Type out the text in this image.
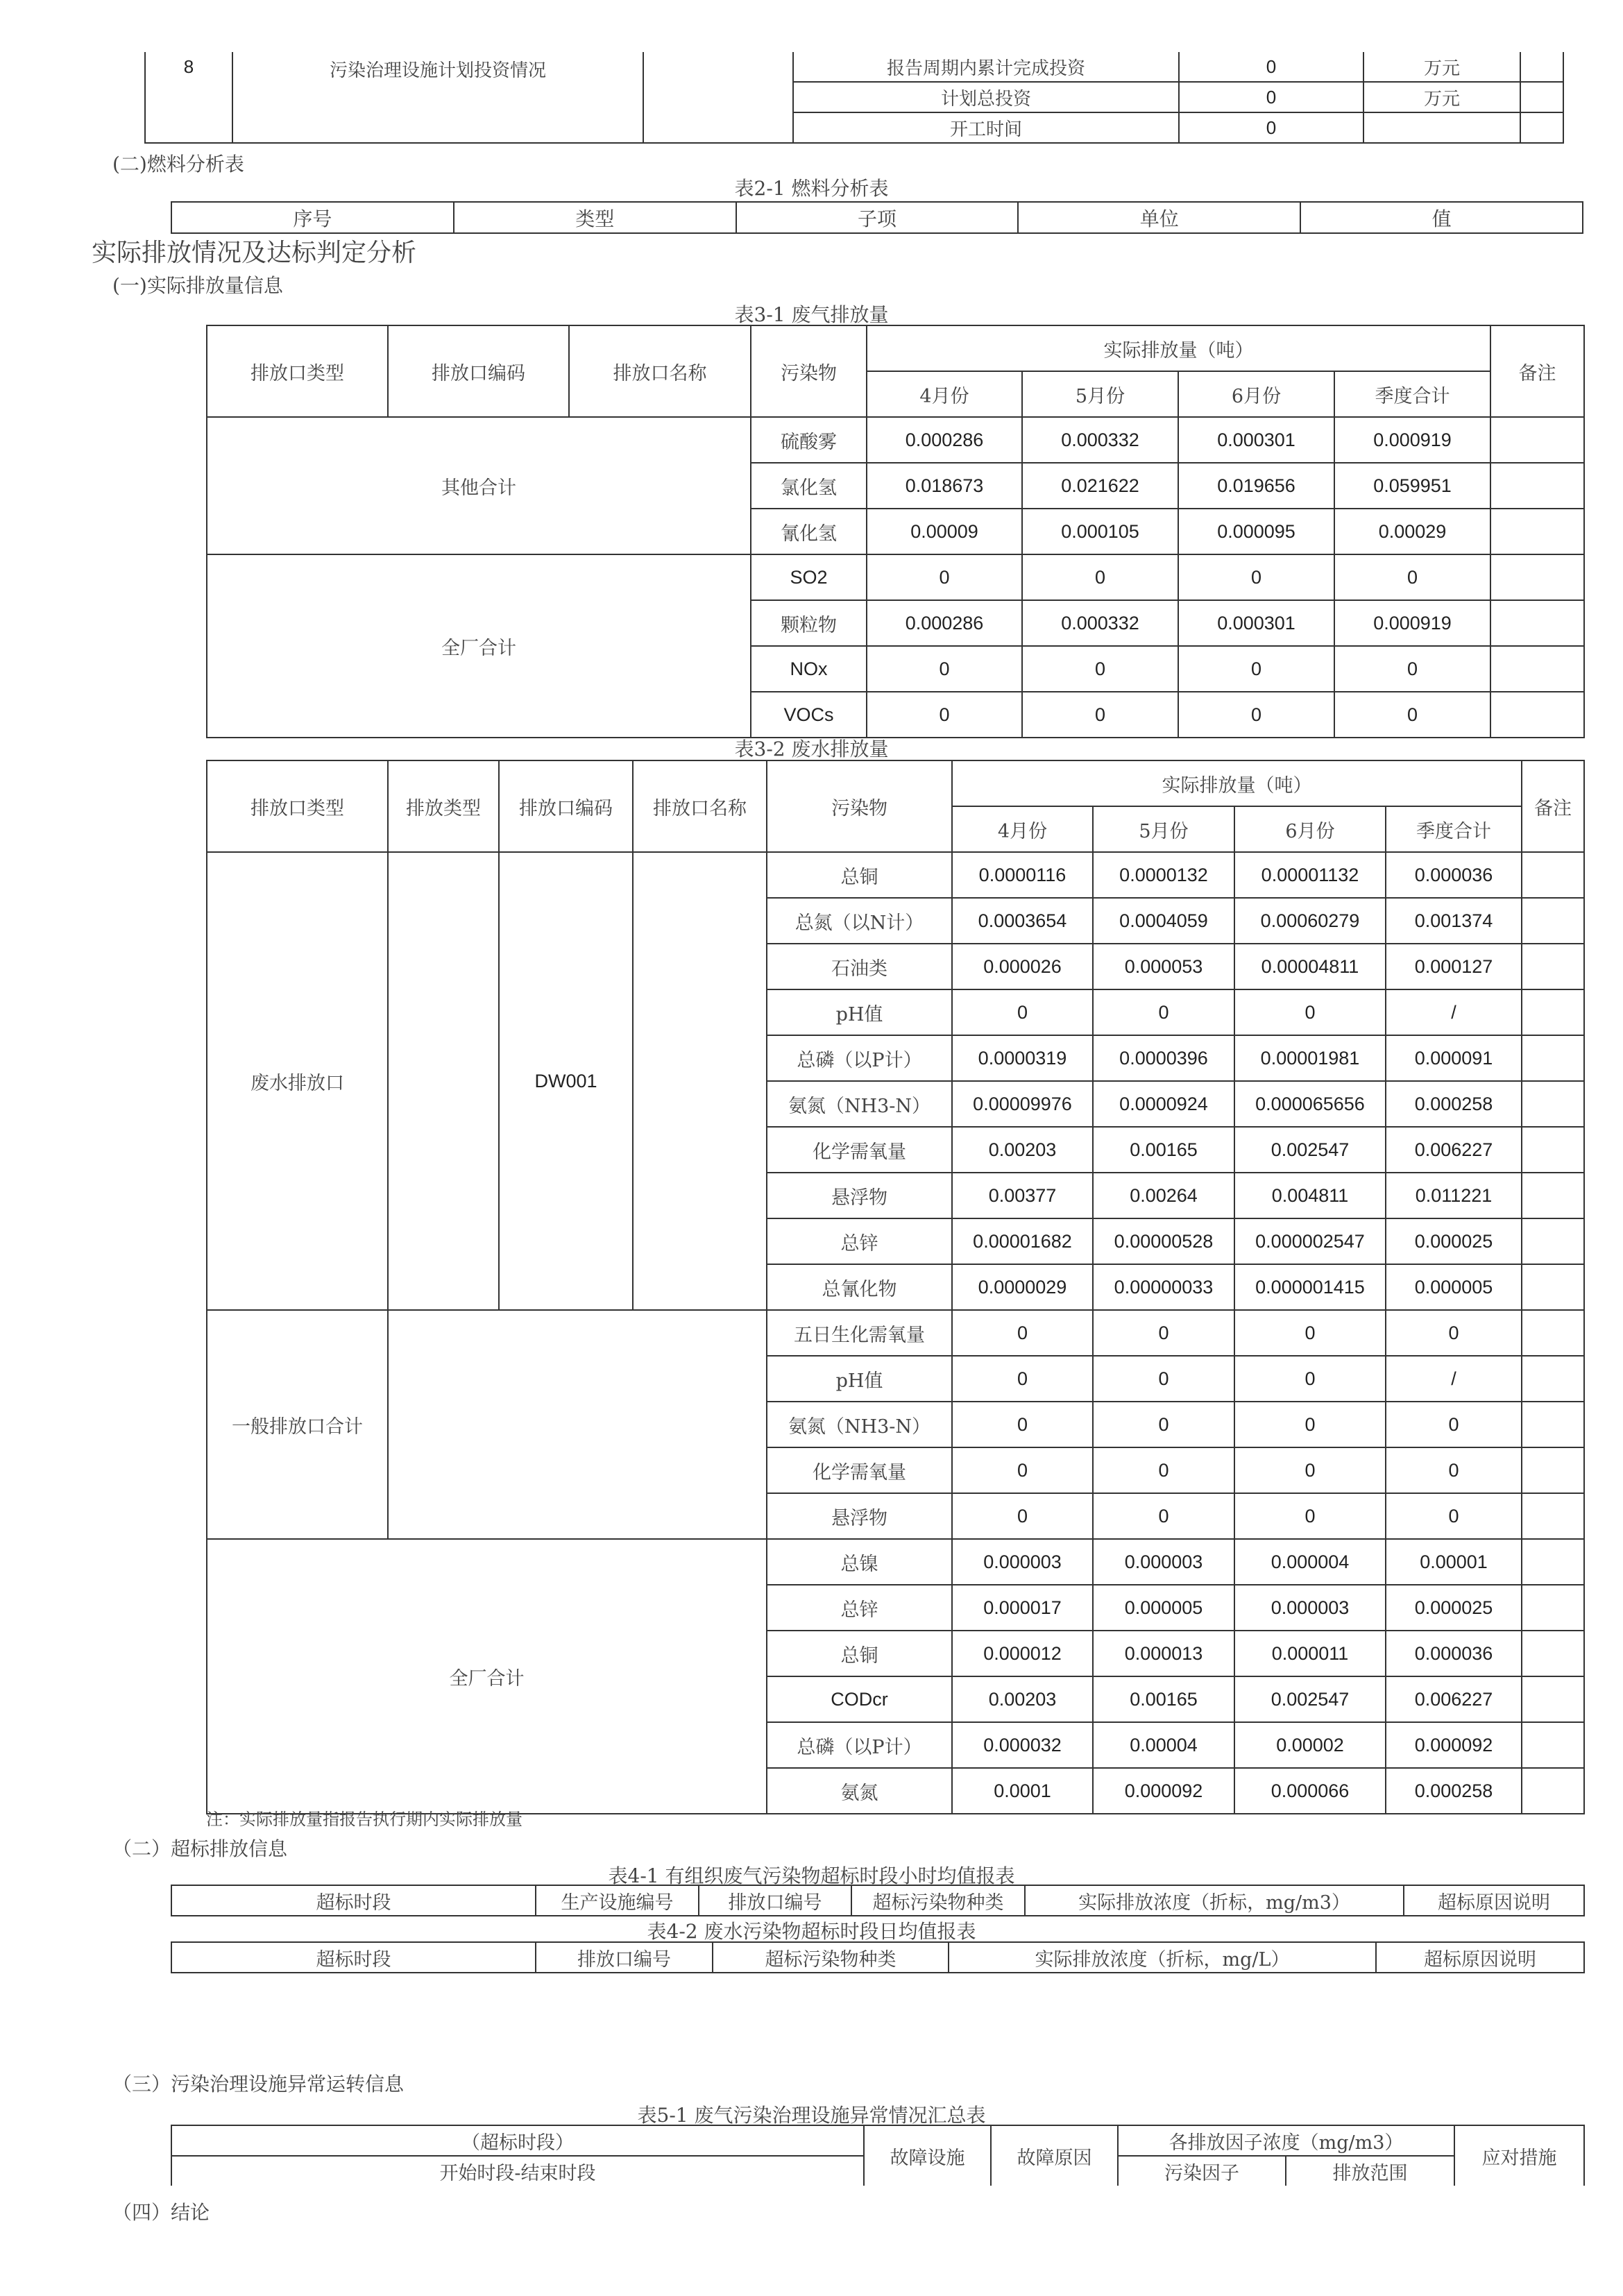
8	污染治理设施计划投资情况		报告周期内累计完成投资	0	万元	
			计划总投资	0	万元	
			开工时间	0		
(二)燃料分析表
表2-1 燃料分析表
序号	类型	子项	单位	值
实际排放情况及达标判定分析
(一)实际排放量信息
表3-1 废气排放量
排放口类型	排放口编码	排放口名称	污染物	实际排放量（吨）				备注
				4月份	5月份	6月份	季度合计	
其他合计			硫酸雾	0.000286	0.000332	0.000301	0.000919	
			氯化氢	0.018673	0.021622	0.019656	0.059951	
			氰化氢	0.00009	0.000105	0.000095	0.00029	
全厂合计			SO2	0	0	0	0	
			颗粒物	0.000286	0.000332	0.000301	0.000919	
			NOx	0	0	0	0	
			VOCs	0	0	0	0	
表3-2 废水排放量
排放口类型	排放类型	排放口编码	排放口名称	污染物	实际排放量（吨）				备注
					4月份	5月份	6月份	季度合计	
废水排放口		DW001		总铜	0.0000116	0.0000132	0.00001132	0.000036	
				总氮（以N计）	0.0003654	0.0004059	0.00060279	0.001374	
				石油类	0.000026	0.000053	0.00004811	0.000127	
				pH值	0	0	0	/	
				总磷（以P计）	0.0000319	0.0000396	0.00001981	0.000091	
				氨氮（NH3-N）	0.00009976	0.0000924	0.000065656	0.000258	
				化学需氧量	0.00203	0.00165	0.002547	0.006227	
				悬浮物	0.00377	0.00264	0.004811	0.011221	
				总锌	0.00001682	0.00000528	0.000002547	0.000025	
				总氰化物	0.0000029	0.00000033	0.000001415	0.000005	
一般排放口合计				五日生化需氧量	0	0	0	0	
				pH值	0	0	0	/	
				氨氮（NH3-N）	0	0	0	0	
				化学需氧量	0	0	0	0	
				悬浮物	0	0	0	0	
全厂合计				总镍	0.000003	0.000003	0.000004	0.00001	
				总锌	0.000017	0.000005	0.000003	0.000025	
				总铜	0.000012	0.000013	0.000011	0.000036	
				CODcr	0.00203	0.00165	0.002547	0.006227	
				总磷（以P计）	0.000032	0.00004	0.00002	0.000092	
				氨氮	0.0001	0.000092	0.000066	0.000258	
注：实际排放量指报告执行期内实际排放量
（二）超标排放信息
表4-1 有组织废气污染物超标时段小时均值报表
超标时段	生产设施编号	排放口编号	超标污染物种类	实际排放浓度（折标，mg/m3）	超标原因说明
表4-2 废水污染物超标时段日均值报表
超标时段	排放口编号	超标污染物种类	实际排放浓度（折标，mg/L）	超标原因说明
（三）污染治理设施异常运转信息
表5-1 废气污染治理设施异常情况汇总表
（超标时段）	故障设施	故障原因	各排放因子浓度（mg/m3）		应对措施
开始时段-结束时段			污染因子	排放范围	
（四）结论
